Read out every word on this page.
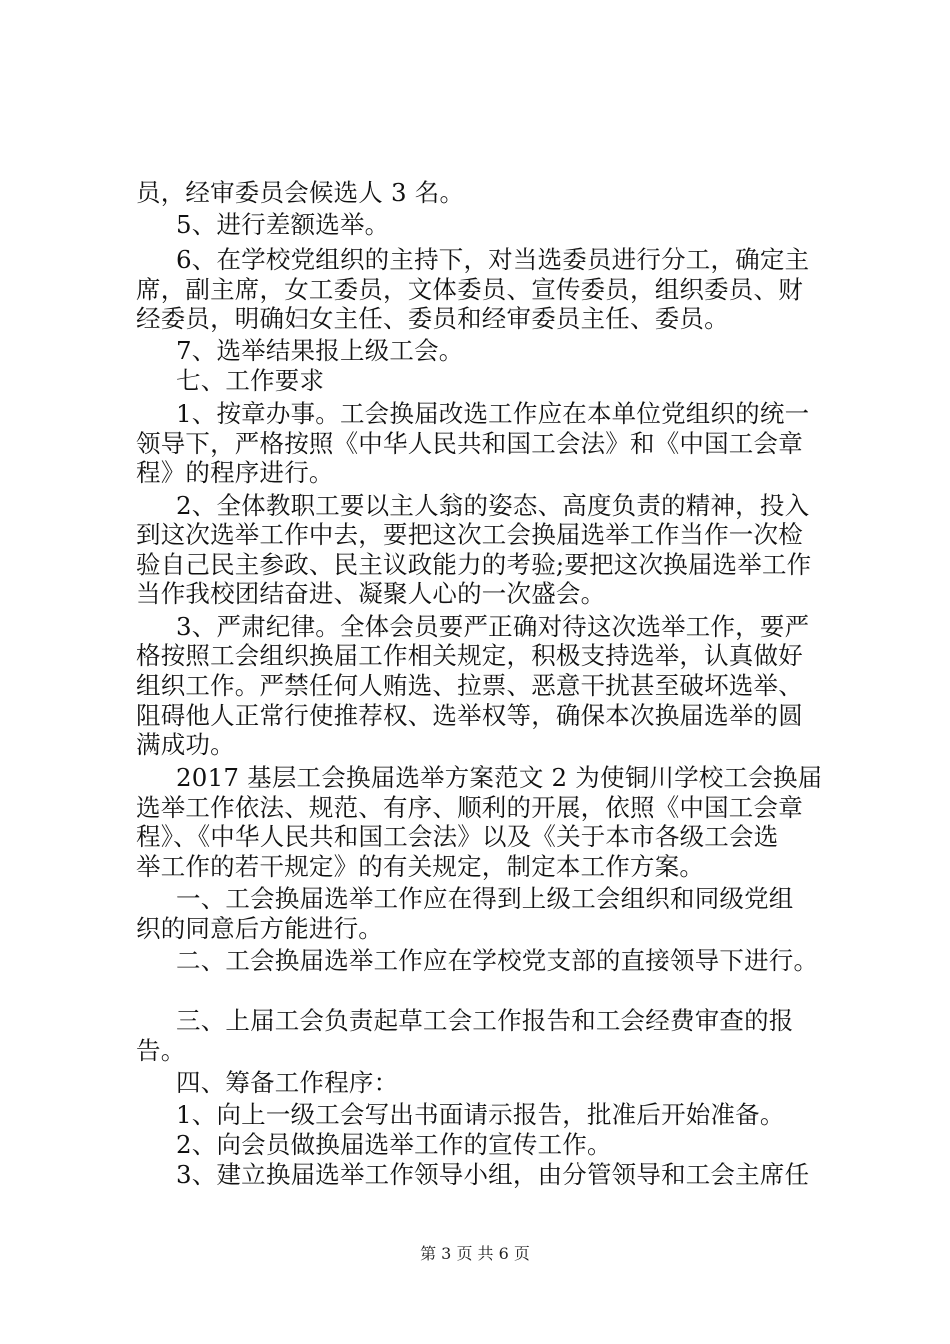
员，经审委员会候选人 3 名。
5、进行差额选举。
6、在学校党组织的主持下，对当选委员进行分工，确定主
席，副主席，女工委员，文体委员、宣传委员，组织委员、财
经委员，明确妇女主任、委员和经审委员主任、委员。
7、选举结果报上级工会。
七、工作要求
1、按章办事。工会换届改选工作应在本单位党组织的统一
领导下，严格按照《中华人民共和国工会法》和《中国工会章
程》的程序进行。
2、全体教职工要以主人翁的姿态、高度负责的精神，投入
到这次选举工作中去，要把这次工会换届选举工作当作一次检
验自己民主参政、民主议政能力的考验;要把这次换届选举工作
当作我校团结奋进、凝聚人心的一次盛会。
3、严肃纪律。全体会员要严正确对待这次选举工作，要严
格按照工会组织换届工作相关规定，积极支持选举，认真做好
组织工作。严禁任何人贿选、拉票、恶意干扰甚至破坏选举、
阻碍他人正常行使推荐权、选举权等，确保本次换届选举的圆
满成功。
2017 基层工会换届选举方案范文 2 为使铜川学校工会换届
选举工作依法、规范、有序、顺利的开展，依照《中国工会章
程》、《中华人民共和国工会法》以及《关于本市各级工会选
举工作的若干规定》的有关规定，制定本工作方案。
一、工会换届选举工作应在得到上级工会组织和同级党组
织的同意后方能进行。
二、工会换届选举工作应在学校党支部的直接领导下进行。
三、上届工会负责起草工会工作报告和工会经费审查的报
告。
四、筹备工作程序：
1、向上一级工会写出书面请示报告，批准后开始准备。
2、向会员做换届选举工作的宣传工作。
3、建立换届选举工作领导小组，由分管领导和工会主席任
第 3 页 共 6 页
